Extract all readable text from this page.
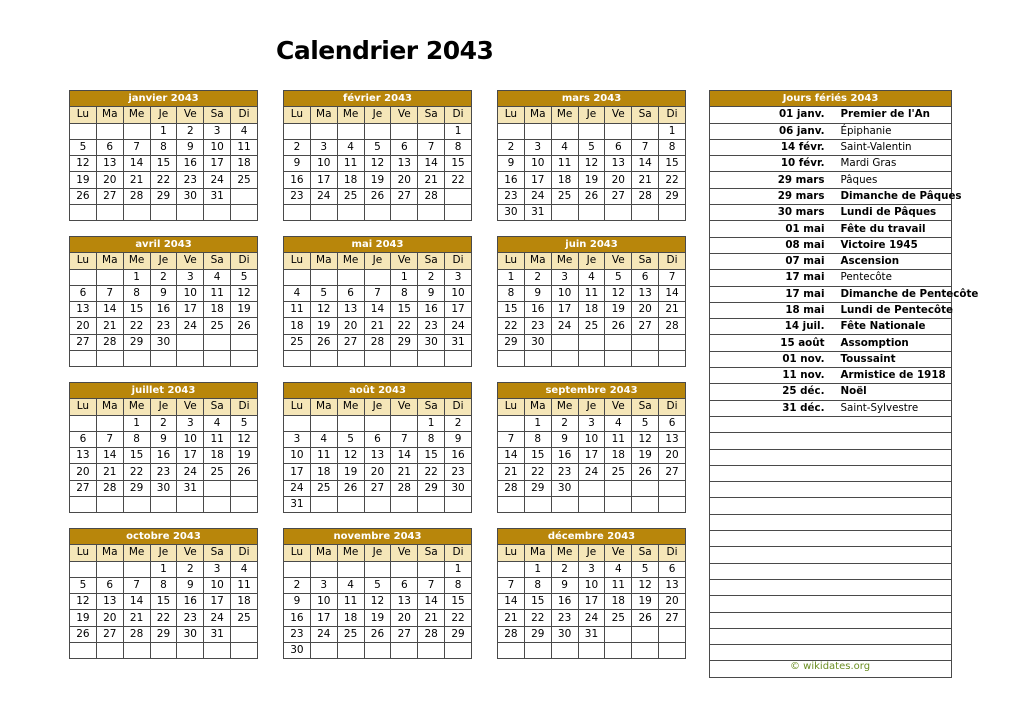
Calendrier 2043
janvier 2043						
Lu	Ma	Me	Je	Ve	Sa	Di
			1	2	3	4
5	6	7	8	9	10	11
12	13	14	15	16	17	18
19	20	21	22	23	24	25
26	27	28	29	30	31	

février 2043						
Lu	Ma	Me	Je	Ve	Sa	Di
						1
2	3	4	5	6	7	8
9	10	11	12	13	14	15
16	17	18	19	20	21	22
23	24	25	26	27	28	

mars 2043						
Lu	Ma	Me	Je	Ve	Sa	Di
						1
2	3	4	5	6	7	8
9	10	11	12	13	14	15
16	17	18	19	20	21	22
23	24	25	26	27	28	29
30	31					
avril 2043						
Lu	Ma	Me	Je	Ve	Sa	Di
		1	2	3	4	5
6	7	8	9	10	11	12
13	14	15	16	17	18	19
20	21	22	23	24	25	26
27	28	29	30			

mai 2043						
Lu	Ma	Me	Je	Ve	Sa	Di
				1	2	3
4	5	6	7	8	9	10
11	12	13	14	15	16	17
18	19	20	21	22	23	24
25	26	27	28	29	30	31

juin 2043						
Lu	Ma	Me	Je	Ve	Sa	Di
1	2	3	4	5	6	7
8	9	10	11	12	13	14
15	16	17	18	19	20	21
22	23	24	25	26	27	28
29	30					

juillet 2043						
Lu	Ma	Me	Je	Ve	Sa	Di
		1	2	3	4	5
6	7	8	9	10	11	12
13	14	15	16	17	18	19
20	21	22	23	24	25	26
27	28	29	30	31		

août 2043						
Lu	Ma	Me	Je	Ve	Sa	Di
					1	2
3	4	5	6	7	8	9
10	11	12	13	14	15	16
17	18	19	20	21	22	23
24	25	26	27	28	29	30
31						
septembre 2043						
Lu	Ma	Me	Je	Ve	Sa	Di
	1	2	3	4	5	6
7	8	9	10	11	12	13
14	15	16	17	18	19	20
21	22	23	24	25	26	27
28	29	30				

octobre 2043						
Lu	Ma	Me	Je	Ve	Sa	Di
			1	2	3	4
5	6	7	8	9	10	11
12	13	14	15	16	17	18
19	20	21	22	23	24	25
26	27	28	29	30	31	

novembre 2043						
Lu	Ma	Me	Je	Ve	Sa	Di
						1
2	3	4	5	6	7	8
9	10	11	12	13	14	15
16	17	18	19	20	21	22
23	24	25	26	27	28	29
30						
décembre 2043						
Lu	Ma	Me	Je	Ve	Sa	Di
	1	2	3	4	5	6
7	8	9	10	11	12	13
14	15	16	17	18	19	20
21	22	23	24	25	26	27
28	29	30	31			

Jours fériés 2043	
01 janv.	Premier de l'An
06 janv.	Épiphanie
14 févr.	Saint-Valentin
10 févr.	Mardi Gras
29 mars	Pâques
29 mars	Dimanche de Pâques
30 mars	Lundi de Pâques
01 mai	Fête du travail
08 mai	Victoire 1945
07 mai	Ascension
17 mai	Pentecôte
17 mai	Dimanche de Pentecôte
18 mai	Lundi de Pentecôte
14 juil.	Fête Nationale
15 août	Assomption
01 nov.	Toussaint
11 nov.	Armistice de 1918
25 déc.	Noël
31 déc.	Saint-Sylvestre

© wikidates.org
